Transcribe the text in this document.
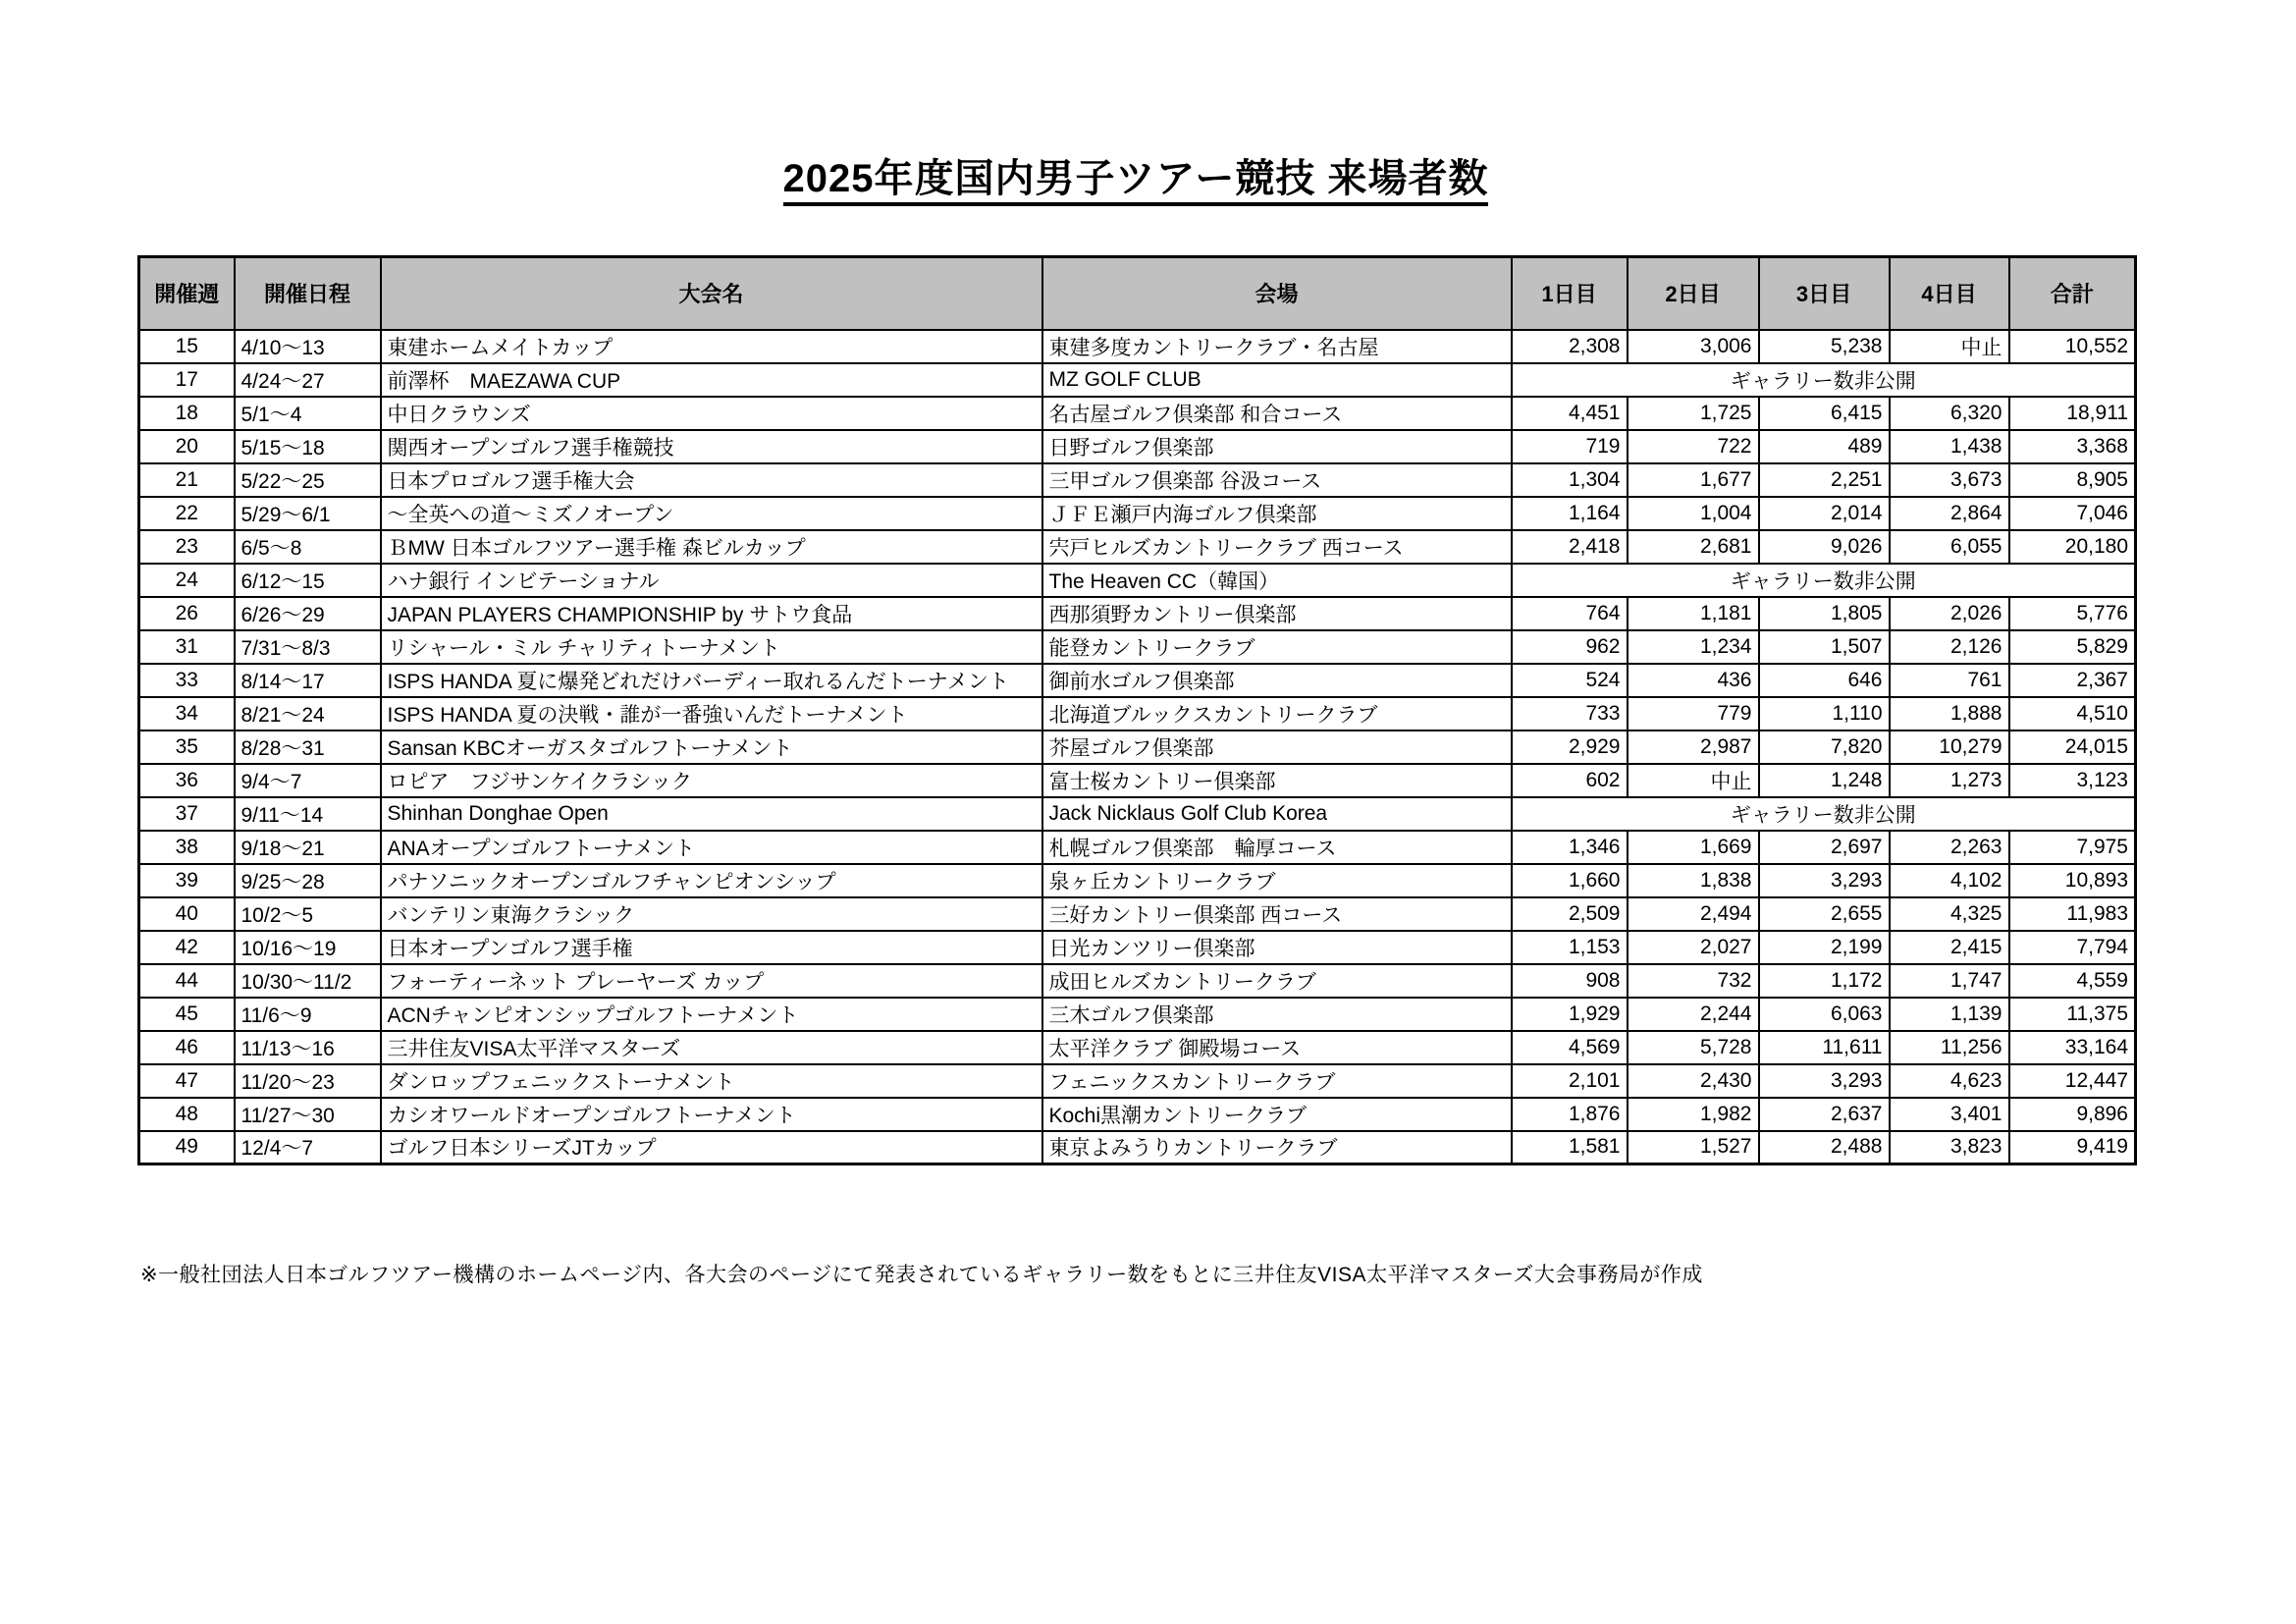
2025年度国内男子ツアー競技 来場者数
開催週	開催日程	大会名	会場	1日目	2日目	3日目	4日目	合計
15	4/10〜13	東建ホームメイトカップ	東建多度カントリークラブ・名古屋	2,308	3,006	5,238	中止	10,552
17	4/24〜27	前澤杯　MAEZAWA CUP	MZ GOLF CLUB	ギャラリー数非公開				
18	5/1〜4	中日クラウンズ	名古屋ゴルフ倶楽部 和合コース	4,451	1,725	6,415	6,320	18,911
20	5/15〜18	関西オープンゴルフ選手権競技	日野ゴルフ倶楽部	719	722	489	1,438	3,368
21	5/22〜25	日本プロゴルフ選手権大会	三甲ゴルフ倶楽部 谷汲コース	1,304	1,677	2,251	3,673	8,905
22	5/29〜6/1	〜全英への道〜ミズノオープン	ＪＦＥ瀬戸内海ゴルフ倶楽部	1,164	1,004	2,014	2,864	7,046
23	6/5〜8	ＢMW 日本ゴルフツアー選手権 森ビルカップ	宍戸ヒルズカントリークラブ 西コース	2,418	2,681	9,026	6,055	20,180
24	6/12〜15	ハナ銀行 インビテーショナル	The Heaven CC（韓国）	ギャラリー数非公開				
26	6/26〜29	JAPAN PLAYERS CHAMPIONSHIP by サトウ食品	西那須野カントリー倶楽部	764	1,181	1,805	2,026	5,776
31	7/31〜8/3	リシャール・ミル チャリティトーナメント	能登カントリークラブ	962	1,234	1,507	2,126	5,829
33	8/14〜17	ISPS HANDA 夏に爆発どれだけバーディー取れるんだトーナメント	御前水ゴルフ倶楽部	524	436	646	761	2,367
34	8/21〜24	ISPS HANDA 夏の決戦・誰が一番強いんだトーナメント	北海道ブルックスカントリークラブ	733	779	1,110	1,888	4,510
35	8/28〜31	Sansan KBCオーガスタゴルフトーナメント	芥屋ゴルフ倶楽部	2,929	2,987	7,820	10,279	24,015
36	9/4〜7	ロピア　フジサンケイクラシック	富士桜カントリー倶楽部	602	中止	1,248	1,273	3,123
37	9/11〜14	Shinhan Donghae Open	Jack Nicklaus Golf Club Korea	ギャラリー数非公開				
38	9/18〜21	ANAオープンゴルフトーナメント	札幌ゴルフ倶楽部　輪厚コース	1,346	1,669	2,697	2,263	7,975
39	9/25〜28	パナソニックオープンゴルフチャンピオンシップ	泉ヶ丘カントリークラブ	1,660	1,838	3,293	4,102	10,893
40	10/2〜5	バンテリン東海クラシック	三好カントリー倶楽部 西コース	2,509	2,494	2,655	4,325	11,983
42	10/16〜19	日本オープンゴルフ選手権	日光カンツリー倶楽部	1,153	2,027	2,199	2,415	7,794
44	10/30〜11/2	フォーティーネット プレーヤーズ カップ	成田ヒルズカントリークラブ	908	732	1,172	1,747	4,559
45	11/6〜9	ACNチャンピオンシップゴルフトーナメント	三木ゴルフ倶楽部	1,929	2,244	6,063	1,139	11,375
46	11/13〜16	三井住友VISA太平洋マスターズ	太平洋クラブ 御殿場コース	4,569	5,728	11,611	11,256	33,164
47	11/20〜23	ダンロップフェニックストーナメント	フェニックスカントリークラブ	2,101	2,430	3,293	4,623	12,447
48	11/27〜30	カシオワールドオープンゴルフトーナメント	Kochi黒潮カントリークラブ	1,876	1,982	2,637	3,401	9,896
49	12/4〜7	ゴルフ日本シリーズJTカップ	東京よみうりカントリークラブ	1,581	1,527	2,488	3,823	9,419
※一般社団法人日本ゴルフツアー機構のホームページ内、各大会のページにて発表されているギャラリー数をもとに三井住友VISA太平洋マスターズ大会事務局が作成
